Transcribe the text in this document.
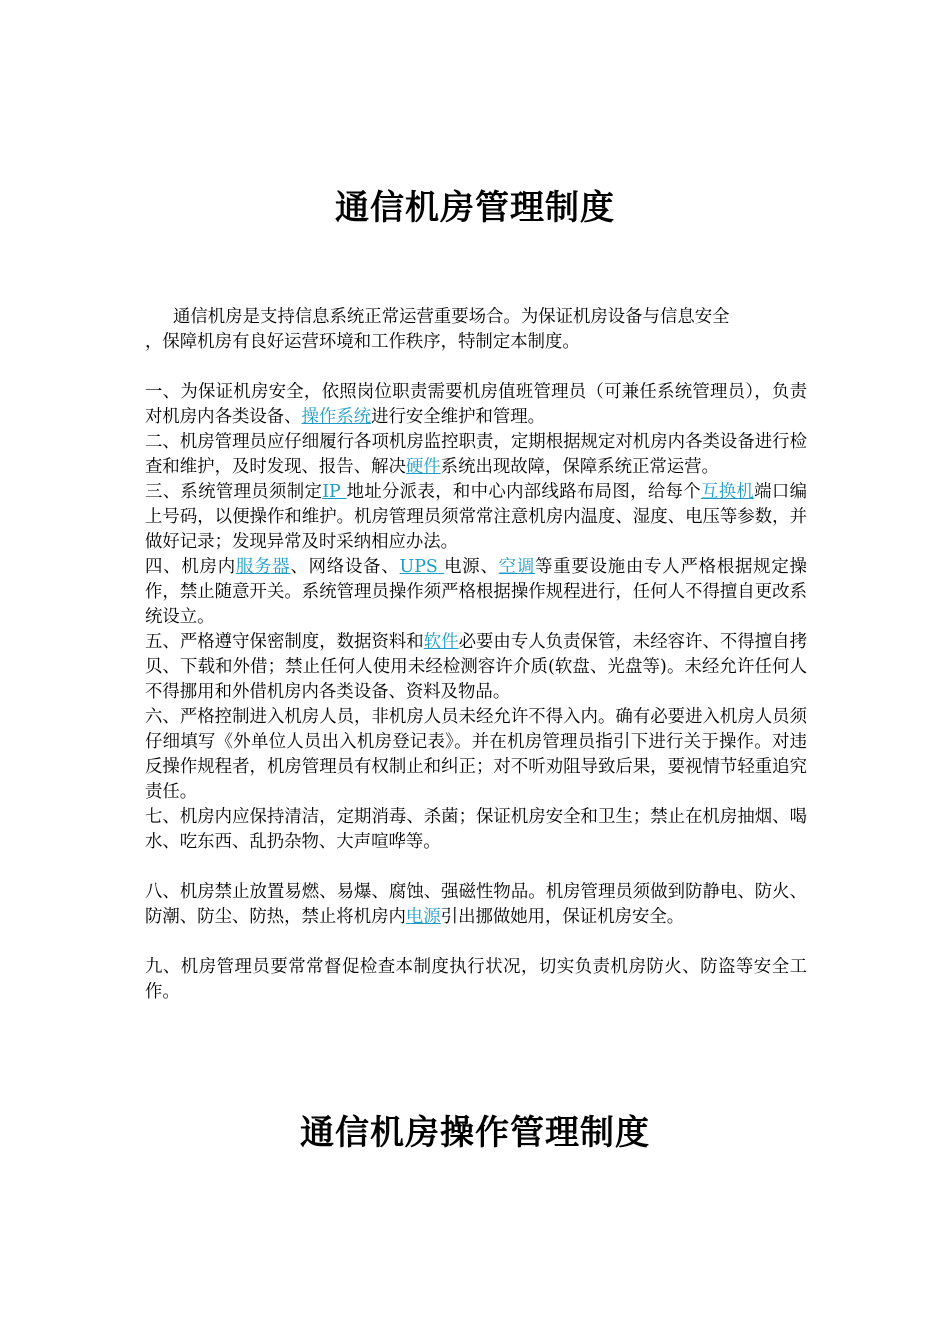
通信机房管理制度
通信机房是支持信息系统正常运营重要场合。为保证机房设备与信息安全
，保障机房有良好运营环境和工作秩序，特制定本制度。

一、为保证机房安全，依照岗位职责需要机房值班管理员（可兼任系统管理员），负责对机房内各类设备、操作系统进行安全维护和管理。

二、机房管理员应仔细履行各项机房监控职责，定期根据规定对机房内各类设备进行检查和维护，及时发现、报告、解决硬件系统出现故障，保障系统正常运营。

三、系统管理员须制定IP 地址分派表，和中心内部线路布局图，给每个互换机端口编上号码，以便操作和维护。机房管理员须常常注意机房内温度、湿度、电压等参数，并做好记录；发现异常及时采纳相应办法。

四、机房内服务器、网络设备、UPS 电源、空调等重要设施由专人严格根据规定操作，禁止随意开关。系统管理员操作须严格根据操作规程进行，任何人不得擅自更改系统设立。

五、严格遵守保密制度，数据资料和软件必要由专人负责保管，未经容许、不得擅自拷贝、下载和外借；禁止任何人使用未经检测容许介质(软盘、光盘等)。未经允许任何人不得挪用和外借机房内各类设备、资料及物品。

六、严格控制进入机房人员，非机房人员未经允许不得入内。确有必要进入机房人员须仔细填写《外单位人员出入机房登记表》。并在机房管理员指引下进行关于操作。对违反操作规程者，机房管理员有权制止和纠正；对不听劝阻导致后果，要视情节轻重追究责任。

七、机房内应保持清洁，定期消毒、杀菌；保证机房安全和卫生；禁止在机房抽烟、喝水、吃东西、乱扔杂物、大声喧哗等。

八、机房禁止放置易燃、易爆、腐蚀、强磁性物品。机房管理员须做到防静电、防火、防潮、防尘、防热，禁止将机房内电源引出挪做她用，保证机房安全。

九、机房管理员要常常督促检查本制度执行状况，切实负责机房防火、防盗等安全工作。

通信机房操作管理制度
